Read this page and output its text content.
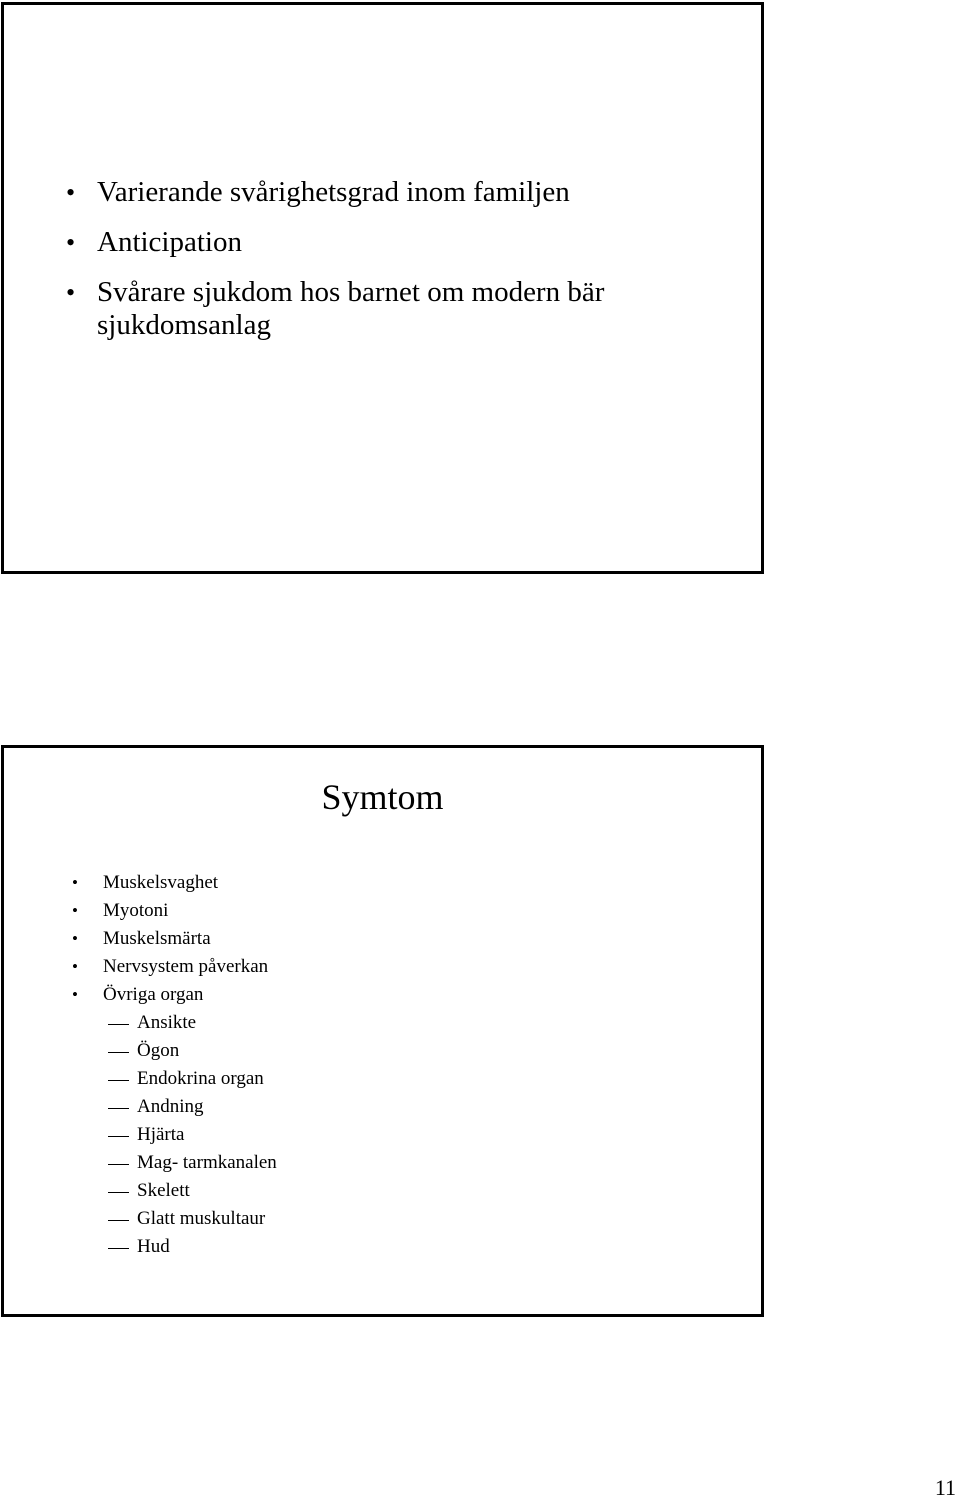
• Varierande svårighetsgrad inom familjen
• Anticipation
• Svårare sjukdom hos barnet om modern bär sjukdomsanlag
Symtom
• Muskelsvaghet
• Myotoni
• Muskelsmärta
• Nervsystem påverkan
• Övriga organ
Ansikte
Ögon
Endokrina organ
Andning
Hjärta
Mag- tarmkanalen
Skelett
Glatt muskultaur
Hud
11
